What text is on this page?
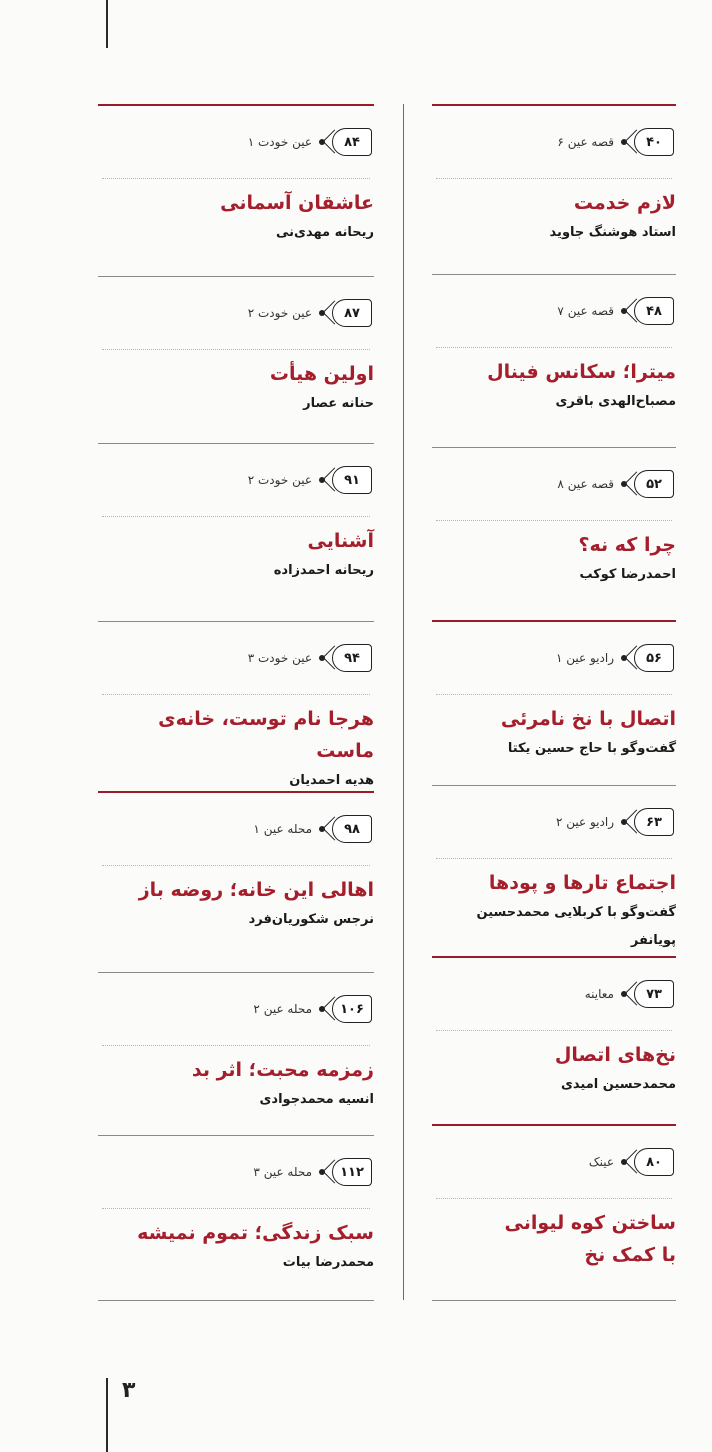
۴۰
قصه عین ۶
لازم خدمت
استاد هوشنگ جاوید
۴۸
قصه عین ۷
میترا؛ سکانس فینال
مصباح‌الهدی باقری
۵۲
قصه عین ۸
چرا که نه؟
احمدرضا کوکب
۵۶
رادیو عین ۱
اتصال با نخ نامرئی
گفت‌وگو با حاج حسین یکتا
۶۳
رادیو عین ۲
اجتماع تارها و پودها
گفت‌وگو با کربلایی محمدحسین پویانفر
۷۳
معاینه
نخ‌های اتصال
محمدحسین امیدی
۸۰
عینک
ساختن کوه لیوانی
با کمک نخ
۸۴
عین خودت ۱
عاشقان آسمانی
ریحانه مهدی‌نی
۸۷
عین خودت ۲
اولین هیأت
حنانه عصار
۹۱
عین خودت ۲
آشنایی
ریحانه احمدزاده
۹۴
عین خودت ۳
هرجا نام توست، خانه‌ی ماست
هدیه احمدیان
۹۸
محله عین ۱
اهالی این خانه؛ روضه باز
نرجس شکوریان‌فرد
۱۰۶
محله عین ۲
زمزمه محبت؛ اثر بد
انسیه محمدجوادی
۱۱۲
محله عین ۳
سبک زندگی؛ تموم نمیشه
محمدرضا بیات
۳
